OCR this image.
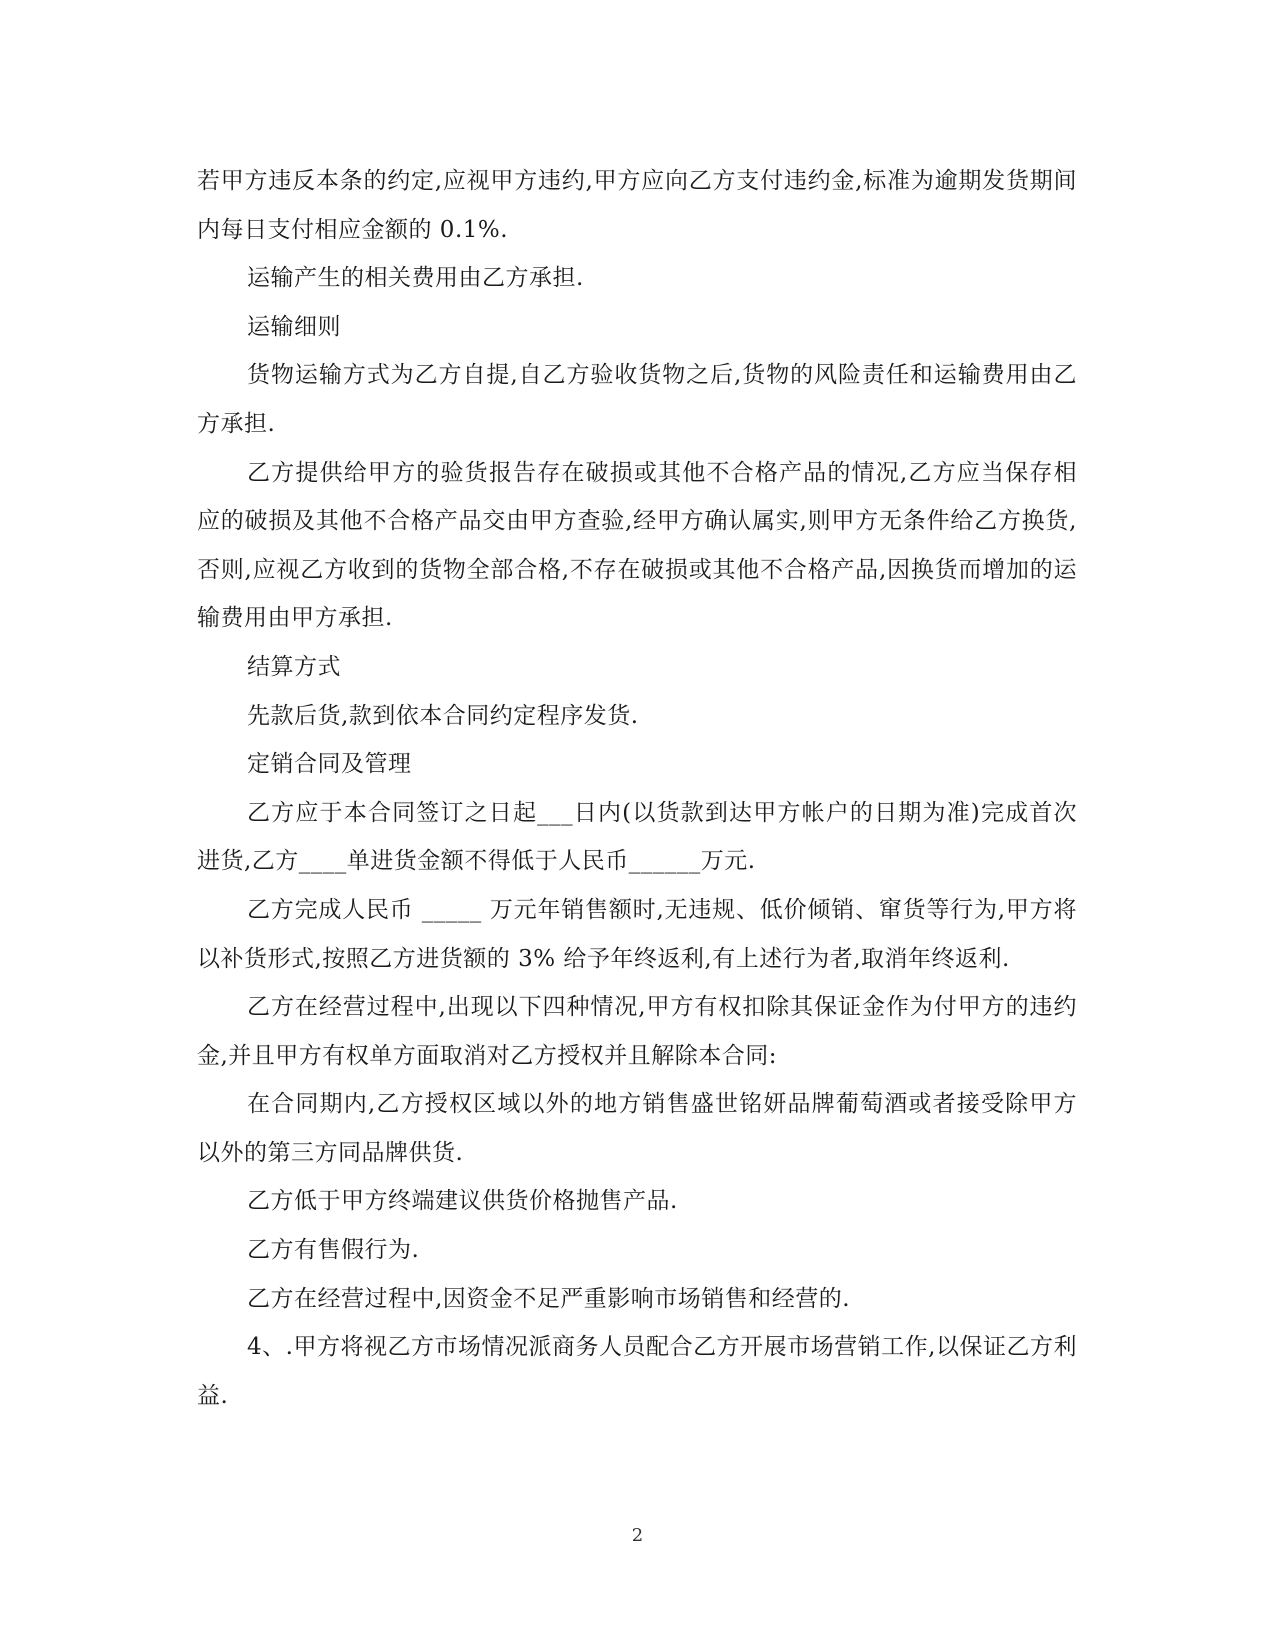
若甲方违反本条的约定,应视甲方违约,甲方应向乙方支付违约金,标准为逾期发货期间内每日支付相应金额的 0.1%.

运输产生的相关费用由乙方承担.

运输细则

货物运输方式为乙方自提,自乙方验收货物之后,货物的风险责任和运输费用由乙方承担.

乙方提供给甲方的验货报告存在破损或其他不合格产品的情况,乙方应当保存相应的破损及其他不合格产品交由甲方查验,经甲方确认属实,则甲方无条件给乙方换货,否则,应视乙方收到的货物全部合格,不存在破损或其他不合格产品,因换货而增加的运输费用由甲方承担.

结算方式

先款后货,款到依本合同约定程序发货.

定销合同及管理

乙方应于本合同签订之日起___日内(以货款到达甲方帐户的日期为准)完成首次进货,乙方____单进货金额不得低于人民币______万元.

乙方完成人民币 _____ 万元年销售额时,无违规、低价倾销、窜货等行为,甲方将以补货形式,按照乙方进货额的 3% 给予年终返利,有上述行为者,取消年终返利.

乙方在经营过程中,出现以下四种情况,甲方有权扣除其保证金作为付甲方的违约金,并且甲方有权单方面取消对乙方授权并且解除本合同:

在合同期内,乙方授权区域以外的地方销售盛世铭妍品牌葡萄酒或者接受除甲方以外的第三方同品牌供货.

乙方低于甲方终端建议供货价格抛售产品.

乙方有售假行为.

乙方在经营过程中,因资金不足严重影响市场销售和经营的.

4、.甲方将视乙方市场情况派商务人员配合乙方开展市场营销工作,以保证乙方利益.

2
